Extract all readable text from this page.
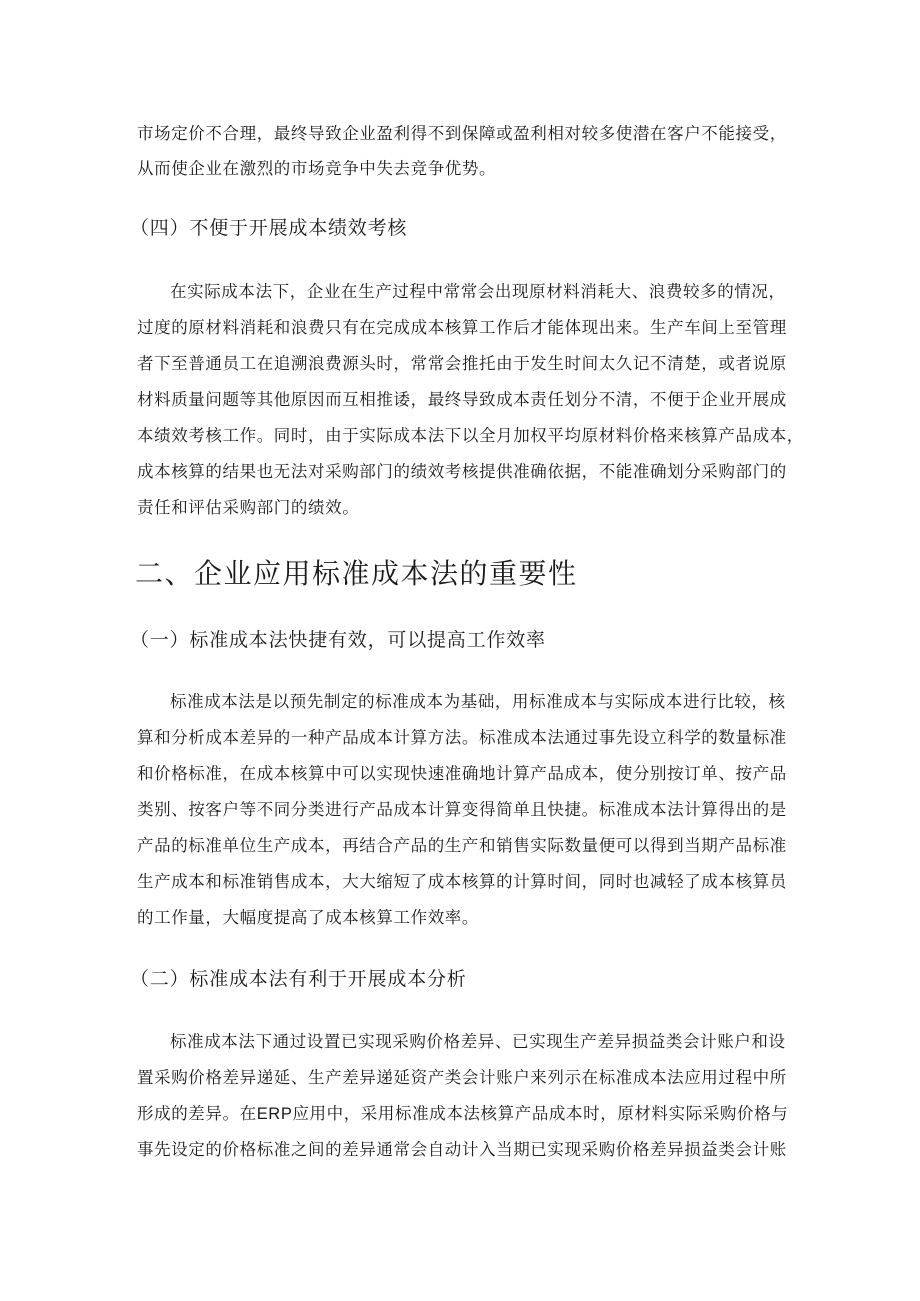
市场定价不合理，最终导致企业盈利得不到保障或盈利相对较多使潜在客户不能接受，
从而使企业在激烈的市场竞争中失去竞争优势。
（四）不便于开展成本绩效考核
在实际成本法下，企业在生产过程中常常会出现原材料消耗大、浪费较多的情况，
过度的原材料消耗和浪费只有在完成成本核算工作后才能体现出来。生产车间上至管理
者下至普通员工在追溯浪费源头时，常常会推托由于发生时间太久记不清楚，或者说原
材料质量问题等其他原因而互相推诿，最终导致成本责任划分不清，不便于企业开展成
本绩效考核工作。同时，由于实际成本法下以全月加权平均原材料价格来核算产品成本，
成本核算的结果也无法对采购部门的绩效考核提供准确依据，不能准确划分采购部门的
责任和评估采购部门的绩效。
二、企业应用标准成本法的重要性
（一）标准成本法快捷有效，可以提高工作效率
标准成本法是以预先制定的标准成本为基础，用标准成本与实际成本进行比较，核
算和分析成本差异的一种产品成本计算方法。标准成本法通过事先设立科学的数量标准
和价格标准，在成本核算中可以实现快速准确地计算产品成本，使分别按订单、按产品
类别、按客户等不同分类进行产品成本计算变得简单且快捷。标准成本法计算得出的是
产品的标准单位生产成本，再结合产品的生产和销售实际数量便可以得到当期产品标准
生产成本和标准销售成本，大大缩短了成本核算的计算时间，同时也减轻了成本核算员
的工作量，大幅度提高了成本核算工作效率。
（二）标准成本法有利于开展成本分析
标准成本法下通过设置已实现采购价格差异、已实现生产差异损益类会计账户和设
置采购价格差异递延、生产差异递延资产类会计账户来列示在标准成本法应用过程中所
形成的差异。在ERP应用中，采用标准成本法核算产品成本时，原材料实际采购价格与
事先设定的价格标准之间的差异通常会自动计入当期已实现采购价格差异损益类会计账
